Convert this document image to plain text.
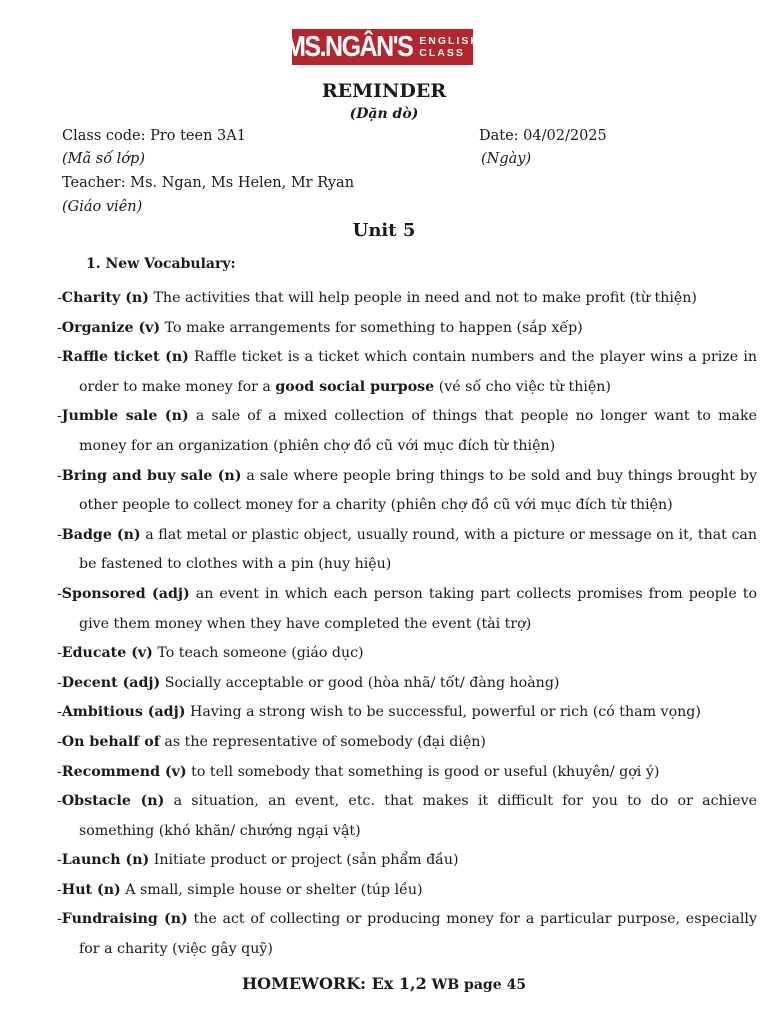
MS.NGÂN'S ENGLISH
CLASS
REMINDER
(Dặn dò)
Class code: Pro teen 3A1
(Mã số lớp)
Date: 04/02/2025
(Ngày)
Teacher: Ms. Ngan, Ms Helen, Mr Ryan
(Giáo viên)
Unit 5
1. New Vocabulary:
-Charity (n) The activities that will help people in need and not to make profit (từ thiện)
-Organize (v) To make arrangements for something to happen (sắp xếp)
-Raffle ticket (n) Raffle ticket is a ticket which contain numbers and the player wins a prize in order to make money for a good social purpose (vé số cho việc từ thiện)
-Jumble sale (n) a sale of a mixed collection of things that people no longer want to make money for an organization (phiên chợ đồ cũ với mục đích từ thiện)
-Bring and buy sale (n) a sale where people bring things to be sold and buy things brought by other people to collect money for a charity (phiên chợ đồ cũ với mục đích từ thiện)
-Badge (n) a flat metal or plastic object, usually round, with a picture or message on it, that can be fastened to clothes with a pin (huy hiệu)
-Sponsored (adj) an event in which each person taking part collects promises from people to give them money when they have completed the event (tài trợ)
-Educate (v) To teach someone (giáo dục)
-Decent (adj) Socially acceptable or good (hòa nhã/ tốt/ đàng hoàng)
-Ambitious (adj) Having a strong wish to be successful, powerful or rich (có tham vọng)
-On behalf of as the representative of somebody (đại diện)
-Recommend (v) to tell somebody that something is good or useful (khuyên/ gợi ý)
-Obstacle (n) a situation, an event, etc. that makes it difficult for you to do or achieve something (khó khăn/ chướng ngại vật)
-Launch (n) Initiate product or project (sản phẩm đầu)
-Hut (n) A small, simple house or shelter (túp lều)
-Fundraising (n) the act of collecting or producing money for a particular purpose, especially for a charity (việc gây quỹ)
HOMEWORK: Ex 1,2 WB page 45
